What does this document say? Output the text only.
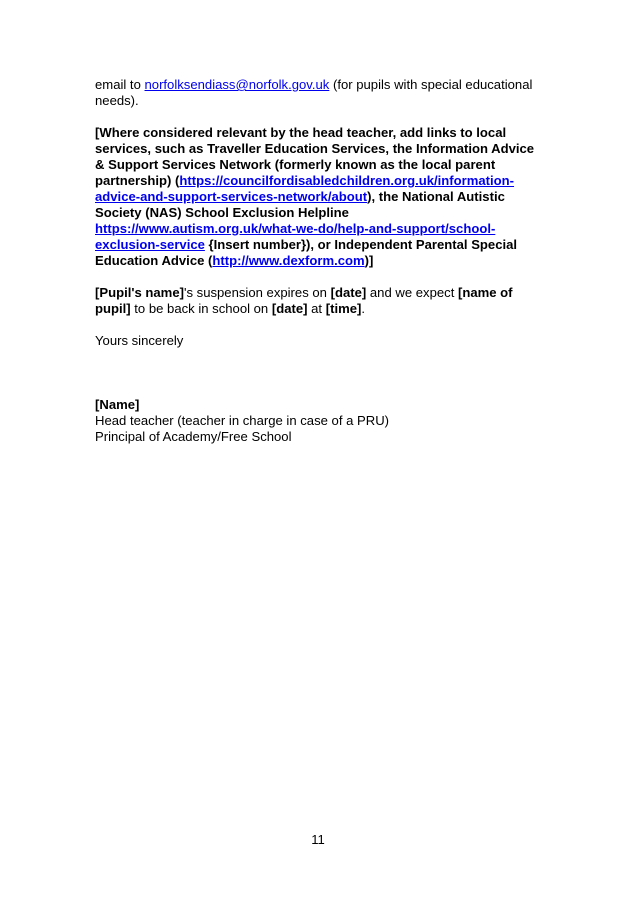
email to norfolksendiass@norfolk.gov.uk (for pupils with special educational needs).

[Where considered relevant by the head teacher, add links to local services, such as Traveller Education Services, the Information Advice & Support Services Network (formerly known as the local parent partnership) (https://councilfordisabledchildren.org.uk/information-advice-and-support-services-network/about), the National Autistic Society (NAS) School Exclusion Helpline https://www.autism.org.uk/what-we-do/help-and-support/school-exclusion-service {Insert number}), or Independent Parental Special Education Advice (http://www.dexform.com)]

[Pupil's name]'s suspension expires on [date] and we expect [name of pupil] to be back in school on [date] at [time].

Yours sincerely

[Name]

Head teacher (teacher in charge in case of a PRU)

Principal of Academy/Free School

11
